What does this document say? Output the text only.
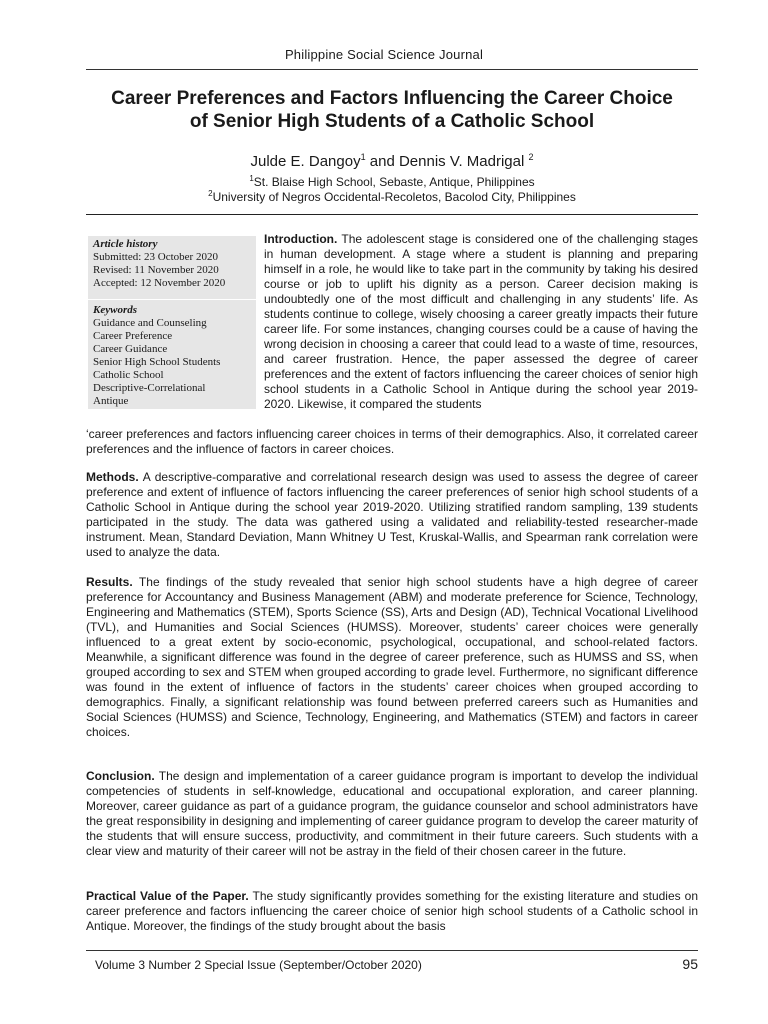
Philippine Social Science Journal
Career Preferences and Factors Influencing the Career Choice
of Senior High Students of a Catholic School
Julde E. Dangoy$^1$ and Dennis V. Madrigal $^2$
$^1$St. Blaise High School, Sebaste, Antique, Philippines
$^2$University of Negros Occidental-Recoletos, Bacolod City, Philippines
Article history
Submitted: 23 October 2020
Revised: 11 November 2020
Accepted: 12 November 2020
Keywords
Guidance and Counseling
Career Preference
Career Guidance
Senior High School Students
Catholic School
Descriptive-Correlational
Antique
Introduction. The adolescent stage is considered one of the challenging stages in human development. A stage where a student is planning and preparing himself in a role, he would like to take part in the community by taking his desired course or job to uplift his dignity as a person. Career decision making is undoubtedly one of the most difficult and challenging in any students’ life. As students continue to college, wisely choosing a career greatly impacts their future career life. For some instances, changing courses could be a cause of having the wrong decision in choosing a career that could lead to a waste of time, resources, and career frustration. Hence, the paper assessed the degree of career preferences and the extent of factors influencing the career choices of senior high school students in a Catholic School in Antique during the school year 2019-2020. Likewise, it compared the students
‘career preferences and factors influencing career choices in terms of their demographics. Also, it correlated career preferences and the influence of factors in career choices.
Methods. A descriptive-comparative and correlational research design was used to assess the degree of career preference and extent of influence of factors influencing the career preferences of senior high school students of a Catholic School in Antique during the school year 2019-2020. Utilizing stratified random sampling, 139 students participated in the study. The data was gathered using a validated and reliability-tested researcher-made instrument. Mean, Standard Deviation, Mann Whitney U Test, Kruskal-Wallis, and Spearman rank correlation were used to analyze the data.
Results. The findings of the study revealed that senior high school students have a high degree of career preference for Accountancy and Business Management (ABM) and moderate preference for Science, Technology, Engineering and Mathematics (STEM), Sports Science (SS), Arts and Design (AD), Technical Vocational Livelihood (TVL), and Humanities and Social Sciences (HUMSS). Moreover, students’ career choices were generally influenced to a great extent by socio-economic, psychological, occupational, and school-related factors. Meanwhile, a significant difference was found in the degree of career preference, such as HUMSS and SS, when grouped according to sex and STEM when grouped according to grade level. Furthermore, no significant difference was found in the extent of influence of factors in the students’ career choices when grouped according to demographics. Finally, a significant relationship was found between preferred careers such as Humanities and Social Sciences (HUMSS) and Science, Technology, Engineering, and Mathematics (STEM) and factors in career choices.
Conclusion. The design and implementation of a career guidance program is important to develop the individual competencies of students in self-knowledge, educational and occupational exploration, and career planning. Moreover, career guidance as part of a guidance program, the guidance counselor and school administrators have the great responsibility in designing and implementing of career guidance program to develop the career maturity of the students that will ensure success, productivity, and commitment in their future careers. Such students with a clear view and maturity of their career will not be astray in the field of their chosen career in the future.
Practical Value of the Paper. The study significantly provides something for the existing literature and studies on career preference and factors influencing the career choice of senior high school students of a Catholic school in Antique. Moreover, the findings of the study brought about the basis
Volume 3 Number 2 Special Issue (September/October 2020)	95
